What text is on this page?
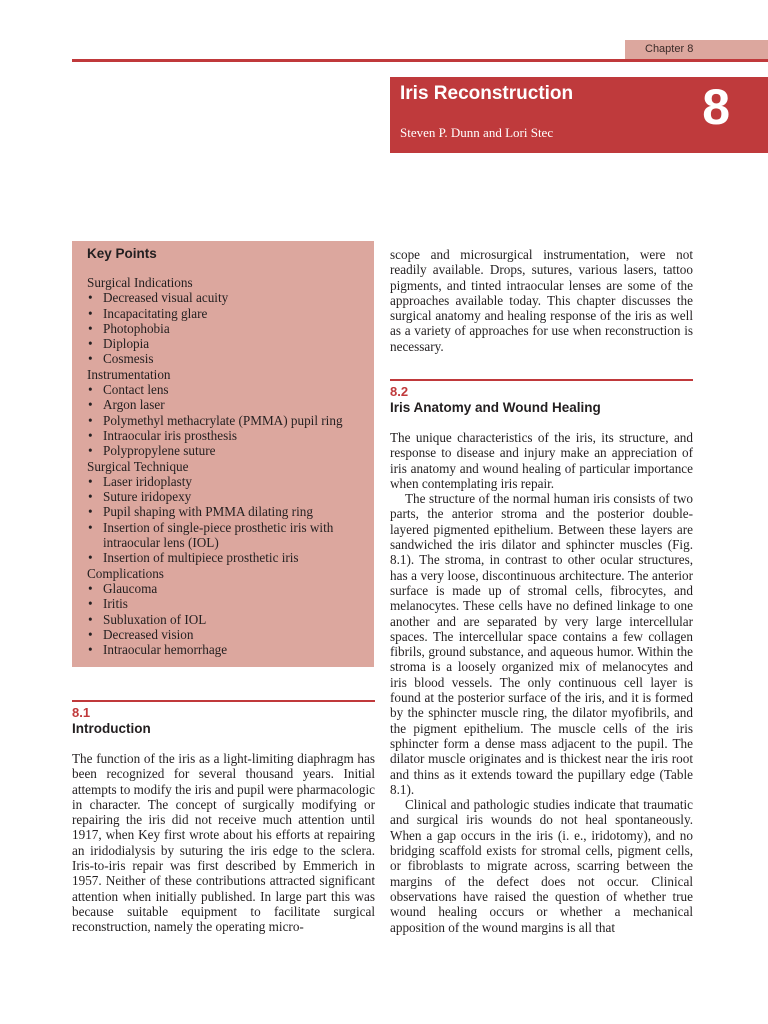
Chapter 8
Iris Reconstruction
Steven P. Dunn and Lori Stec	8
Key Points
Surgical Indications
• Decreased visual acuity
• Incapacitating glare
• Photophobia
• Diplopia
• Cosmesis
Instrumentation
• Contact lens
• Argon laser
• Polymethyl methacrylate (PMMA) pupil ring
• Intraocular iris prosthesis
• Polypropylene suture
Surgical Technique
• Laser iridoplasty
• Suture iridopexy
• Pupil shaping with PMMA dilating ring
• Insertion of single-piece prosthetic iris with intraocular lens (IOL)
• Insertion of multipiece prosthetic iris
Complications
• Glaucoma
• Iritis
• Subluxation of IOL
• Decreased vision
• Intraocular hemorrhage
8.1
Introduction

The function of the iris as a light-limiting diaphragm has been recognized for several thousand years. Initial attempts to modify the iris and pupil were pharmacologic in character. The concept of surgically modifying or repairing the iris did not receive much attention until 1917, when Key first wrote about his efforts at repairing an iridodialysis by suturing the iris edge to the sclera. Iris-to-iris repair was first described by Emmerich in 1957. Neither of these contributions attracted significant attention when initially published. In large part this was because suitable equipment to facilitate surgical reconstruction, namely the operating micro-

scope and microsurgical instrumentation, were not readily available. Drops, sutures, various lasers, tattoo pigments, and tinted intraocular lenses are some of the approaches available today. This chapter discusses the surgical anatomy and healing response of the iris as well as a variety of approaches for use when reconstruction is necessary.

8.2
Iris Anatomy and Wound Healing

The unique characteristics of the iris, its structure, and response to disease and injury make an appreciation of iris anatomy and wound healing of particular importance when contemplating iris repair.

The structure of the normal human iris consists of two parts, the anterior stroma and the posterior double-layered pigmented epithelium. Between these layers are sandwiched the iris dilator and sphincter muscles (Fig. 8.1). The stroma, in contrast to other ocular structures, has a very loose, discontinuous architecture. The anterior surface is made up of stromal cells, fibrocytes, and melanocytes. These cells have no defined linkage to one another and are separated by very large intercellular spaces. The intercellular space contains a few collagen fibrils, ground substance, and aqueous humor. Within the stroma is a loosely organized mix of melanocytes and iris blood vessels. The only continuous cell layer is found at the posterior surface of the iris, and it is formed by the sphincter muscle ring, the dilator myofibrils, and the pigment epithelium. The muscle cells of the iris sphincter form a dense mass adjacent to the pupil. The dilator muscle originates and is thickest near the iris root and thins as it extends toward the pupillary edge (Table 8.1).

Clinical and pathologic studies indicate that traumatic and surgical iris wounds do not heal spontaneously. When a gap occurs in the iris (i. e., iridotomy), and no bridging scaffold exists for stromal cells, pigment cells, or fibroblasts to migrate across, scarring between the margins of the defect does not occur. Clinical observations have raised the question of whether true wound healing occurs or whether a mechanical apposition of the wound margins is all that
